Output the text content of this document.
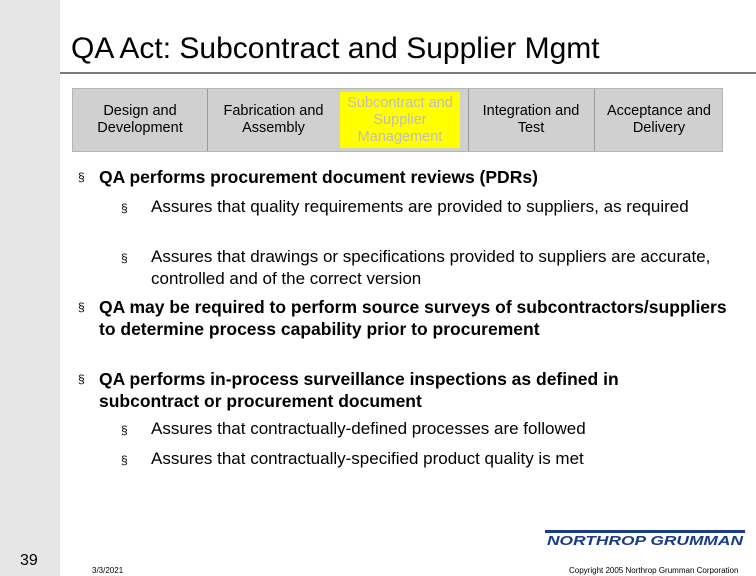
QA Act: Subcontract and Supplier Mgmt
Design and Development
Fabrication and Assembly
Subcontract and Supplier Management
Integration and Test
Acceptance and Delivery
§ QA performs procurement document reviews (PDRs)
§ Assures that quality requirements are provided to suppliers, as required
§ Assures that drawings or specifications provided to suppliers are accurate, controlled and of the correct version
§ QA may be required to perform source surveys of subcontractors/suppliers to determine process capability prior to procurement
§ QA performs in-process surveillance inspections as defined in subcontract or procurement document
§ Assures that contractually-defined processes are followed
§ Assures that contractually-specified product quality is met
NORTHROP GRUMMAN
39
3/3/2021	Copyright 2005 Northrop Grumman Corporation
